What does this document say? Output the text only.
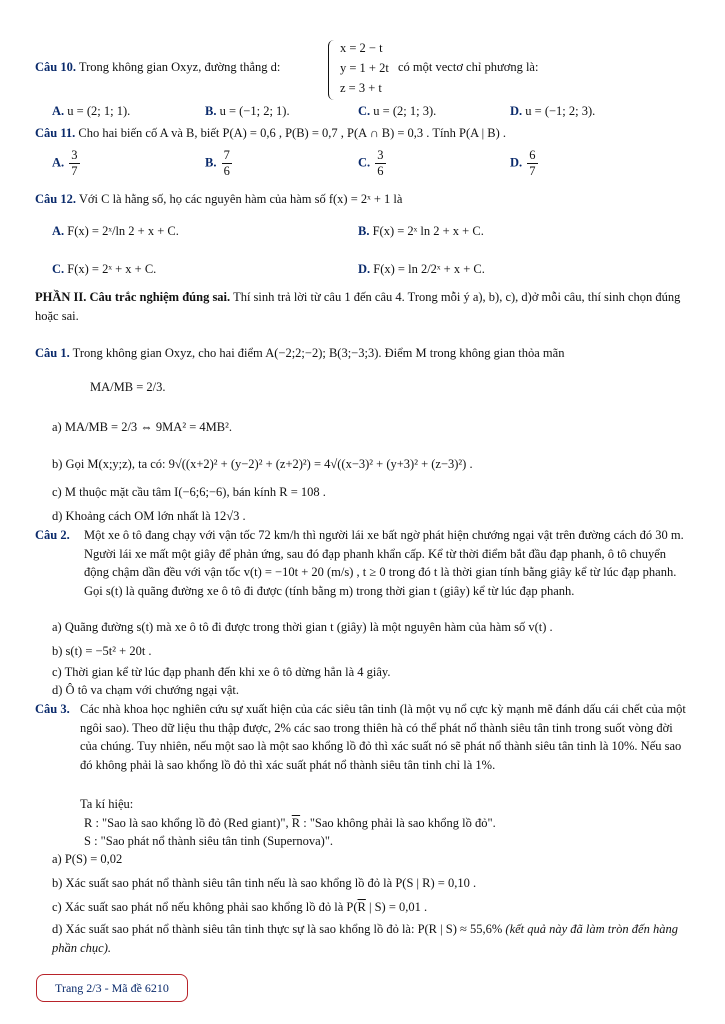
Câu 10. Trong không gian Oxyz, đường thẳng d:
x = 2 − t
y = 1 + 2t
z = 3 + t
có một vectơ chỉ phương là:
A. u = (2; 1; 1).	B. u = (−1; 2; 1).	C. u = (2; 1; 3).	D. u = (−1; 2; 3).
Câu 11. Cho hai biến cố A và B, biết P(A) = 0,6 , P(B) = 0,7 , P(A ∩ B) = 0,3 . Tính P(A | B) .
A. $\frac{3}{7}$	B. $\frac{7}{6}$	C. $\frac{3}{6}$	D. $\frac{6}{7}$
Câu 12. Với C là hằng số, họ các nguyên hàm của hàm số f(x) = 2ˣ + 1 là
A. F(x) = 2ˣ/ln 2 + x + C.	B. F(x) = 2ˣ ln 2 + x + C.
C. F(x) = 2ˣ + x + C.	D. F(x) = ln 2/2ˣ + x + C.
PHẦN II. Câu trắc nghiệm đúng sai. Thí sinh trả lời từ câu 1 đến câu 4. Trong mỗi ý a), b), c), d)ở mỗi câu, thí sinh chọn đúng hoặc sai.
Câu 1. Trong không gian Oxyz, cho hai điểm A(−2;2;−2); B(3;−3;3). Điểm M trong không gian thỏa mãn
MA/MB = 2/3.
a) MA/MB = 2/3 ⇔ 9MA² = 4MB².
b) Gọi M(x;y;z), ta có: 9√((x+2)² + (y−2)² + (z+2)²) = 4√((x−3)² + (y+3)² + (z−3)²) .
c) M thuộc mặt cầu tâm I(−6;6;−6), bán kính R = 108 .
d) Khoảng cách OM lớn nhất là 12√3 .
Câu 2.	Một xe ô tô đang chạy với vận tốc 72 km/h thì người lái xe bất ngờ phát hiện chướng ngại vật trên đường cách đó 30 m. Người lái xe mất một giây để phản ứng, sau đó đạp phanh khẩn cấp. Kể từ thời điểm bắt đầu đạp phanh, ô tô chuyển động chậm dần đều với vận tốc v(t) = −10t + 20 (m/s) , t ≥ 0 trong đó t là thời gian tính bằng giây kể từ lúc đạp phanh. Gọi s(t) là quãng đường xe ô tô đi được (tính bằng m) trong thời gian t (giây) kể từ lúc đạp phanh.
a) Quãng đường s(t) mà xe ô tô đi được trong thời gian t (giây) là một nguyên hàm của hàm số v(t) .
b) s(t) = −5t² + 20t .
c) Thời gian kể từ lúc đạp phanh đến khi xe ô tô dừng hẳn là 4 giây.
d) Ô tô va chạm với chướng ngại vật.
Câu 3. Các nhà khoa học nghiên cứu sự xuất hiện của các siêu tân tinh (là một vụ nổ cực kỳ mạnh mẽ đánh dấu cái chết của một ngôi sao). Theo dữ liệu thu thập được, 2% các sao trong thiên hà có thể phát nổ thành siêu tân tinh trong suốt vòng đời của chúng. Tuy nhiên, nếu một sao là một sao khổng lồ đỏ thì xác suất nó sẽ phát nổ thành siêu tân tinh là 10%. Nếu sao đó không phải là sao khổng lồ đỏ thì xác suất phát nổ thành siêu tân tinh chỉ là 1%.
Ta kí hiệu:
R : "Sao là sao khổng lồ đỏ (Red giant)", $\overline{R}$ : "Sao không phải là sao khổng lồ đỏ".
S : "Sao phát nổ thành siêu tân tinh (Supernova)".
a) P(S) = 0,02
b) Xác suất sao phát nổ thành siêu tân tinh nếu là sao khổng lồ đỏ là P(S | R) = 0,10 .
c) Xác suất sao phát nổ nếu không phải sao khổng lồ đỏ là $P(\overline{R}$ | S) = 0,01 .
d) Xác suất sao phát nổ thành siêu tân tinh thực sự là sao khổng lồ đỏ là: P(R | S) ≈ 55,6% (kết quả này đã làm tròn đến hàng phần chục).
Trang 2/3 - Mã đề 6210
